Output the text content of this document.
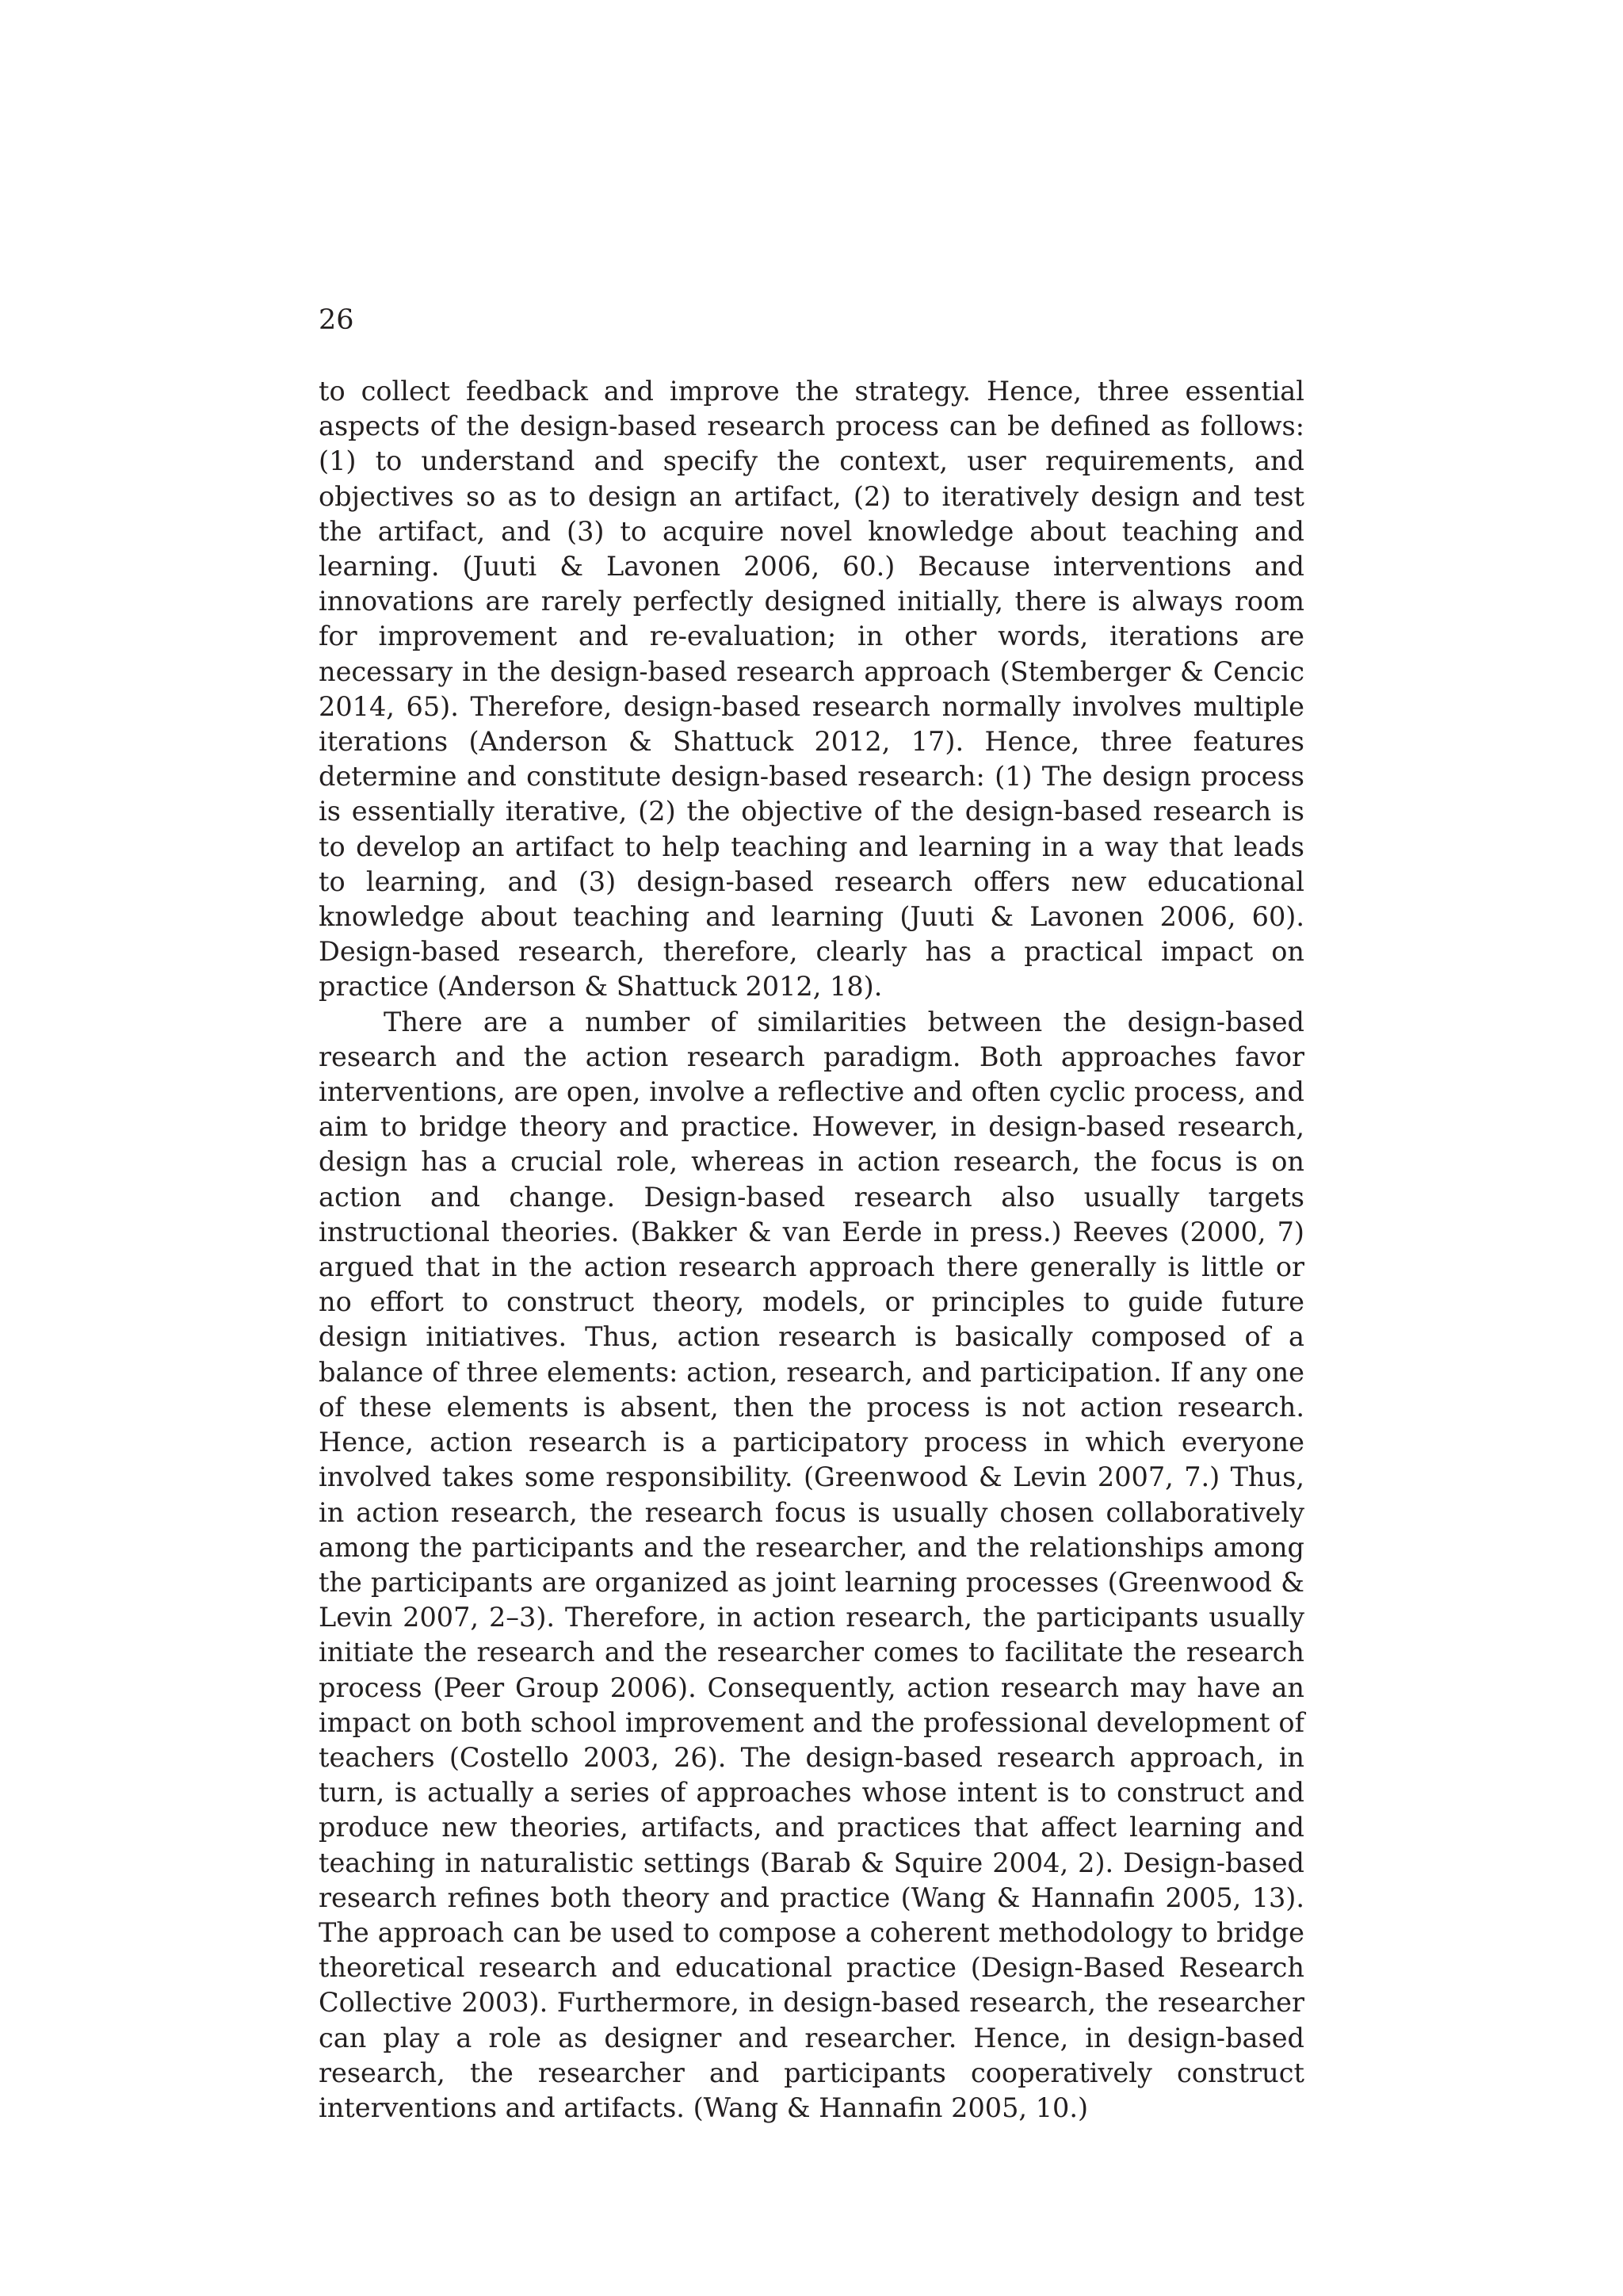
26

to collect feedback and improve the strategy. Hence, three essential aspects of the design-based research process can be defined as follows: (1) to understand and specify the context, user requirements, and objectives so as to design an artifact, (2) to iteratively design and test the artifact, and (3) to acquire novel knowledge about teaching and learning. (Juuti & Lavonen 2006, 60.) Because interventions and innovations are rarely perfectly designed initially, there is always room for improvement and re-evaluation; in other words, iterations are necessary in the design-based research approach (Stemberger & Cencic 2014, 65). Therefore, design-based research normally involves multiple iterations (Anderson & Shattuck 2012, 17). Hence, three features determine and constitute design-based research: (1) The design process is essentially iterative, (2) the objective of the design-based research is to develop an artifact to help teaching and learning in a way that leads to learning, and (3) design-based research offers new educational knowledge about teaching and learning (Juuti & Lavonen 2006, 60). Design-based research, therefore, clearly has a practical impact on practice (Anderson & Shattuck 2012, 18).

There are a number of similarities between the design-based research and the action research paradigm. Both approaches favor interventions, are open, involve a reflective and often cyclic process, and aim to bridge theory and practice. However, in design-based research, design has a crucial role, whereas in action research, the focus is on action and change. Design-based research also usually targets instructional theories. (Bakker & van Eerde in press.) Reeves (2000, 7) argued that in the action research approach there generally is little or no effort to construct theory, models, or principles to guide future design initiatives. Thus, action research is basically composed of a balance of three elements: action, research, and participation. If any one of these elements is absent, then the process is not action research. Hence, action research is a participatory process in which everyone involved takes some responsibility. (Greenwood & Levin 2007, 7.) Thus, in action research, the research focus is usually chosen collaboratively among the participants and the researcher, and the relationships among the participants are organized as joint learning processes (Greenwood & Levin 2007, 2–3). Therefore, in action research, the participants usually initiate the research and the researcher comes to facilitate the research process (Peer Group 2006). Consequently, action research may have an impact on both school improvement and the professional development of teachers (Costello 2003, 26). The design-based research approach, in turn, is actually a series of approaches whose intent is to construct and produce new theories, artifacts, and practices that affect learning and teaching in naturalistic settings (Barab & Squire 2004, 2). Design-based research refines both theory and practice (Wang & Hannafin 2005, 13). The approach can be used to compose a coherent methodology to bridge theoretical research and educational practice (Design-Based Research Collective 2003). Furthermore, in design-based research, the researcher can play a role as designer and researcher. Hence, in design-based research, the researcher and participants cooperatively construct interventions and artifacts. (Wang & Hannafin 2005, 10.)
